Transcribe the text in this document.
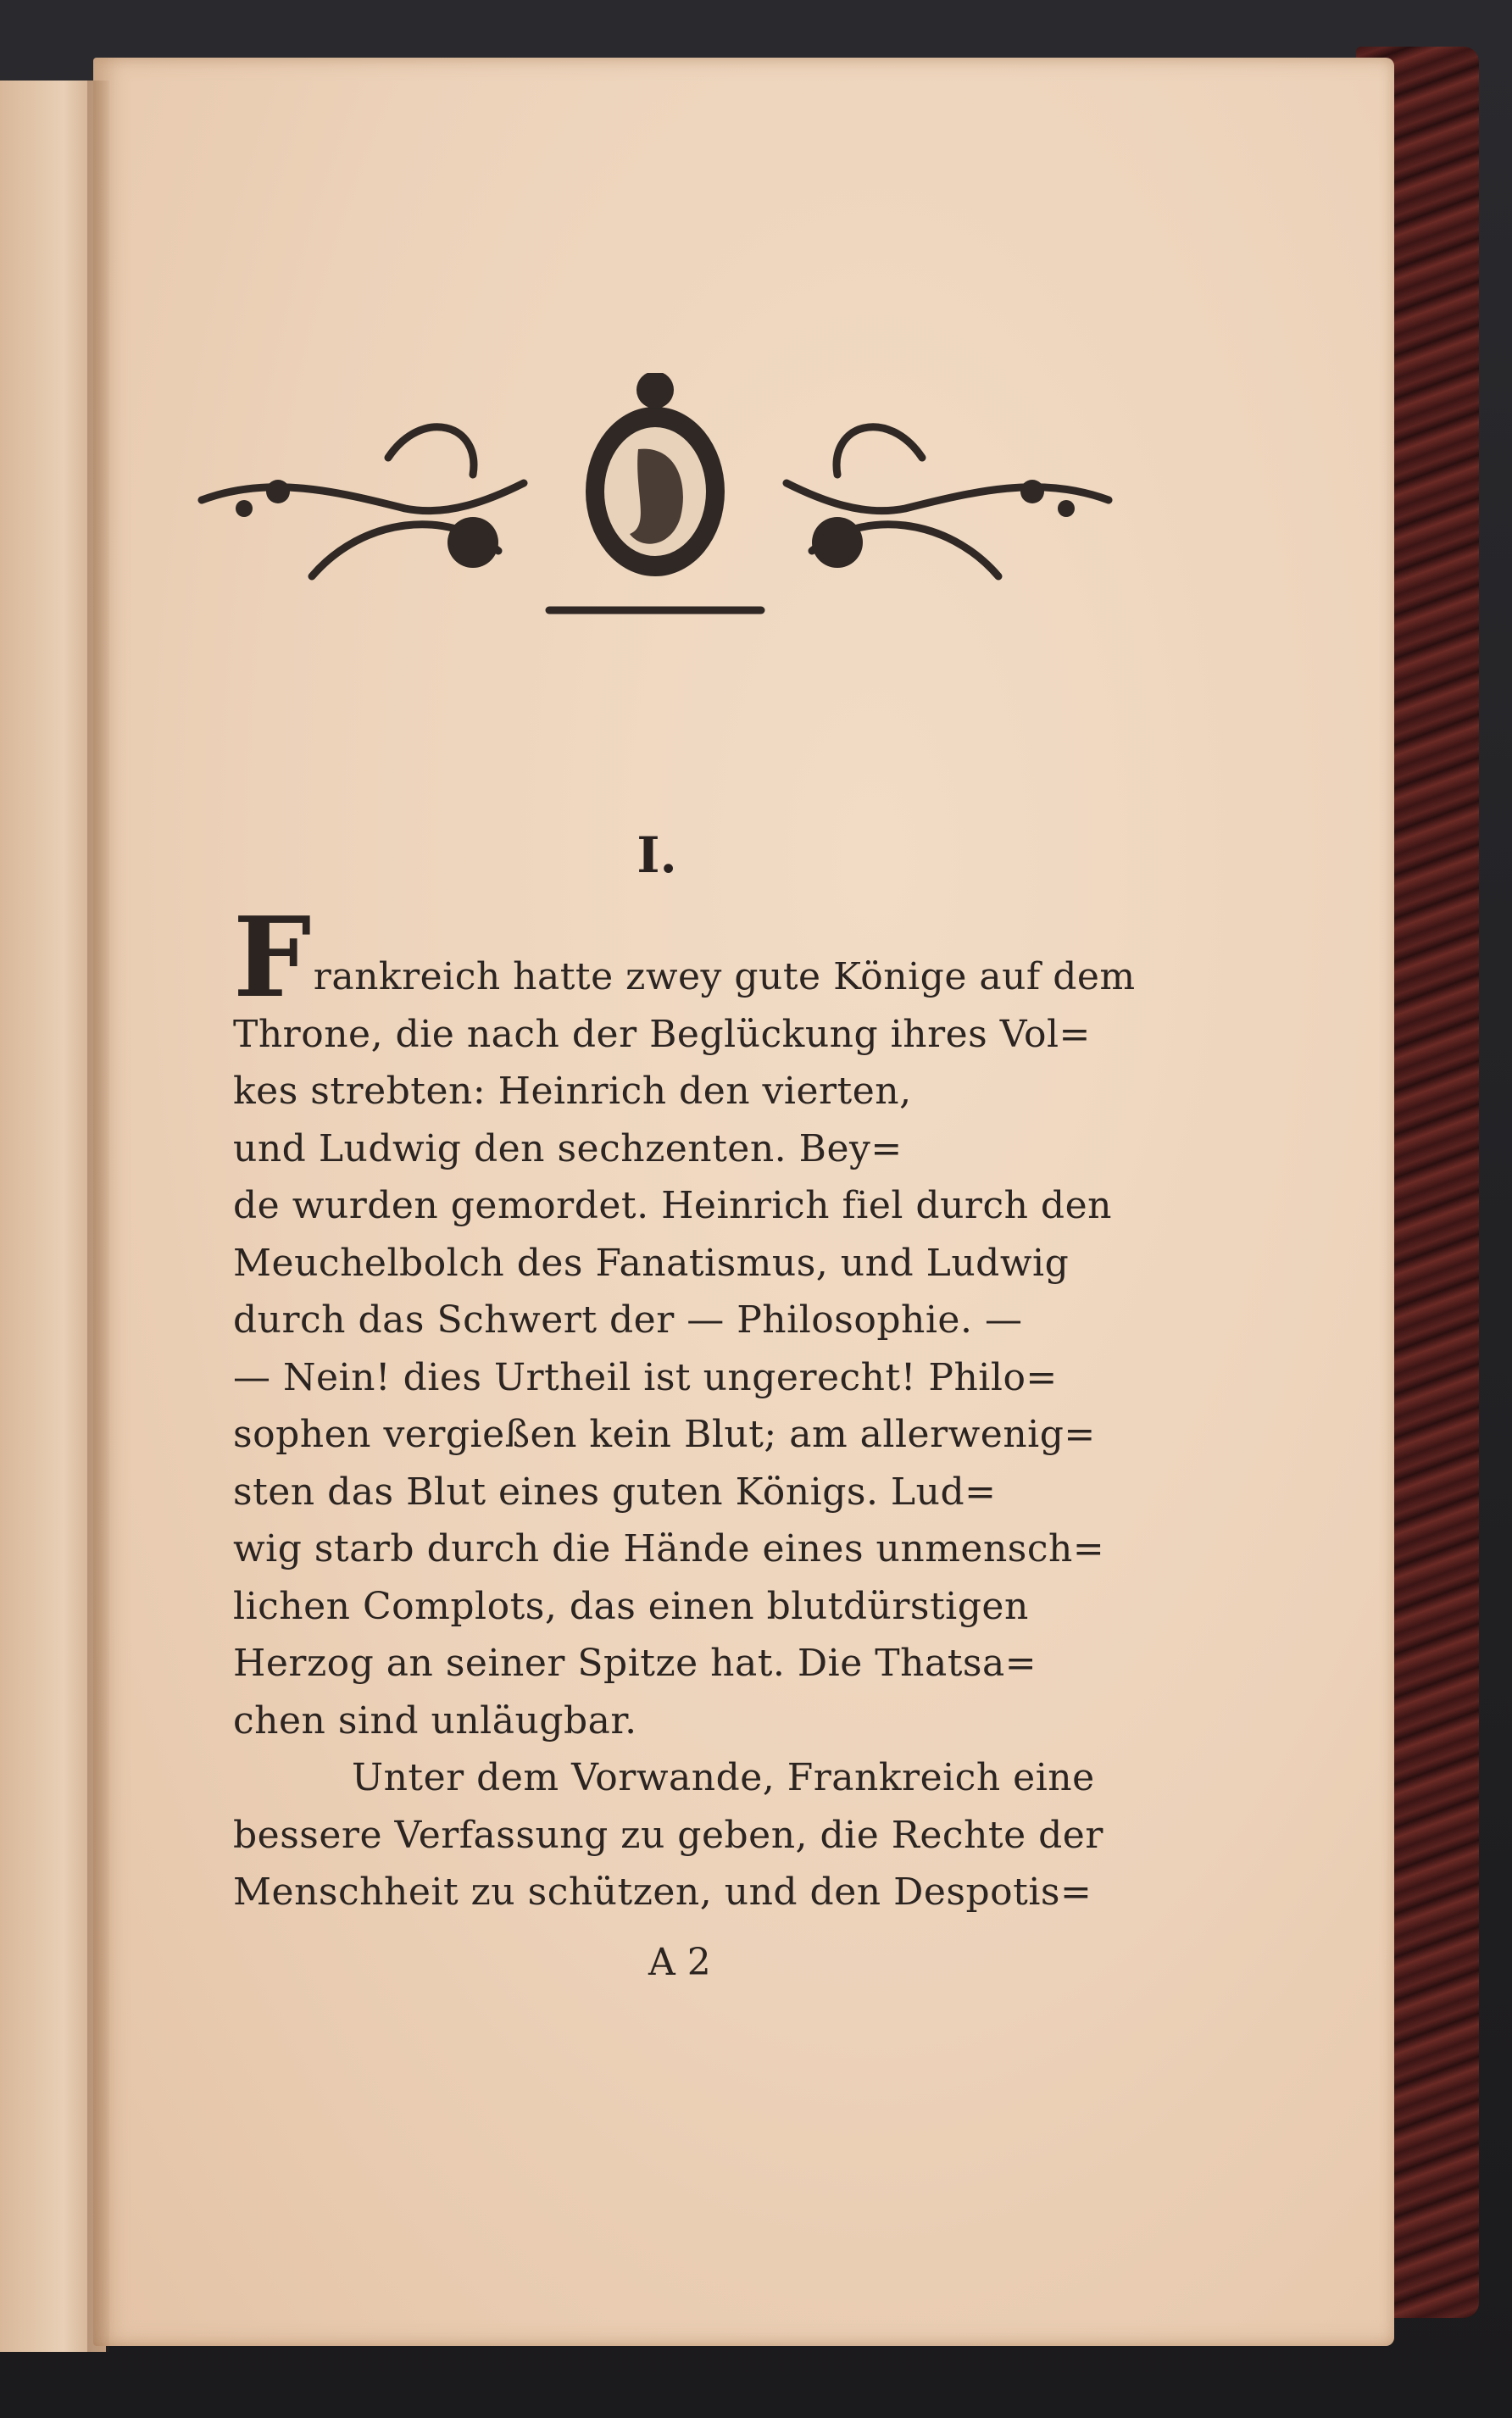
I.

Frankreich hatte zwey gute Könige auf dem

Throne, die nach der Beglückung ihres Vol=

kes strebten: Heinrich den vierten,

und Ludwig den sechzenten. Bey=

de wurden gemordet. Heinrich fiel durch den

Meuchelbolch des Fanatismus, und Ludwig

durch das Schwert der — Philosophie. —

— Nein! dies Urtheil ist ungerecht! Philo=

sophen vergießen kein Blut; am allerwenig=

sten das Blut eines guten Königs. Lud=

wig starb durch die Hände eines unmensch=

lichen Complots, das einen blutdürstigen

Herzog an seiner Spitze hat. Die Thatsa=

chen sind unläugbar.

Unter dem Vorwande, Frankreich eine

bessere Verfassung zu geben, die Rechte der

Menschheit zu schützen, und den Despotis=

A 2
